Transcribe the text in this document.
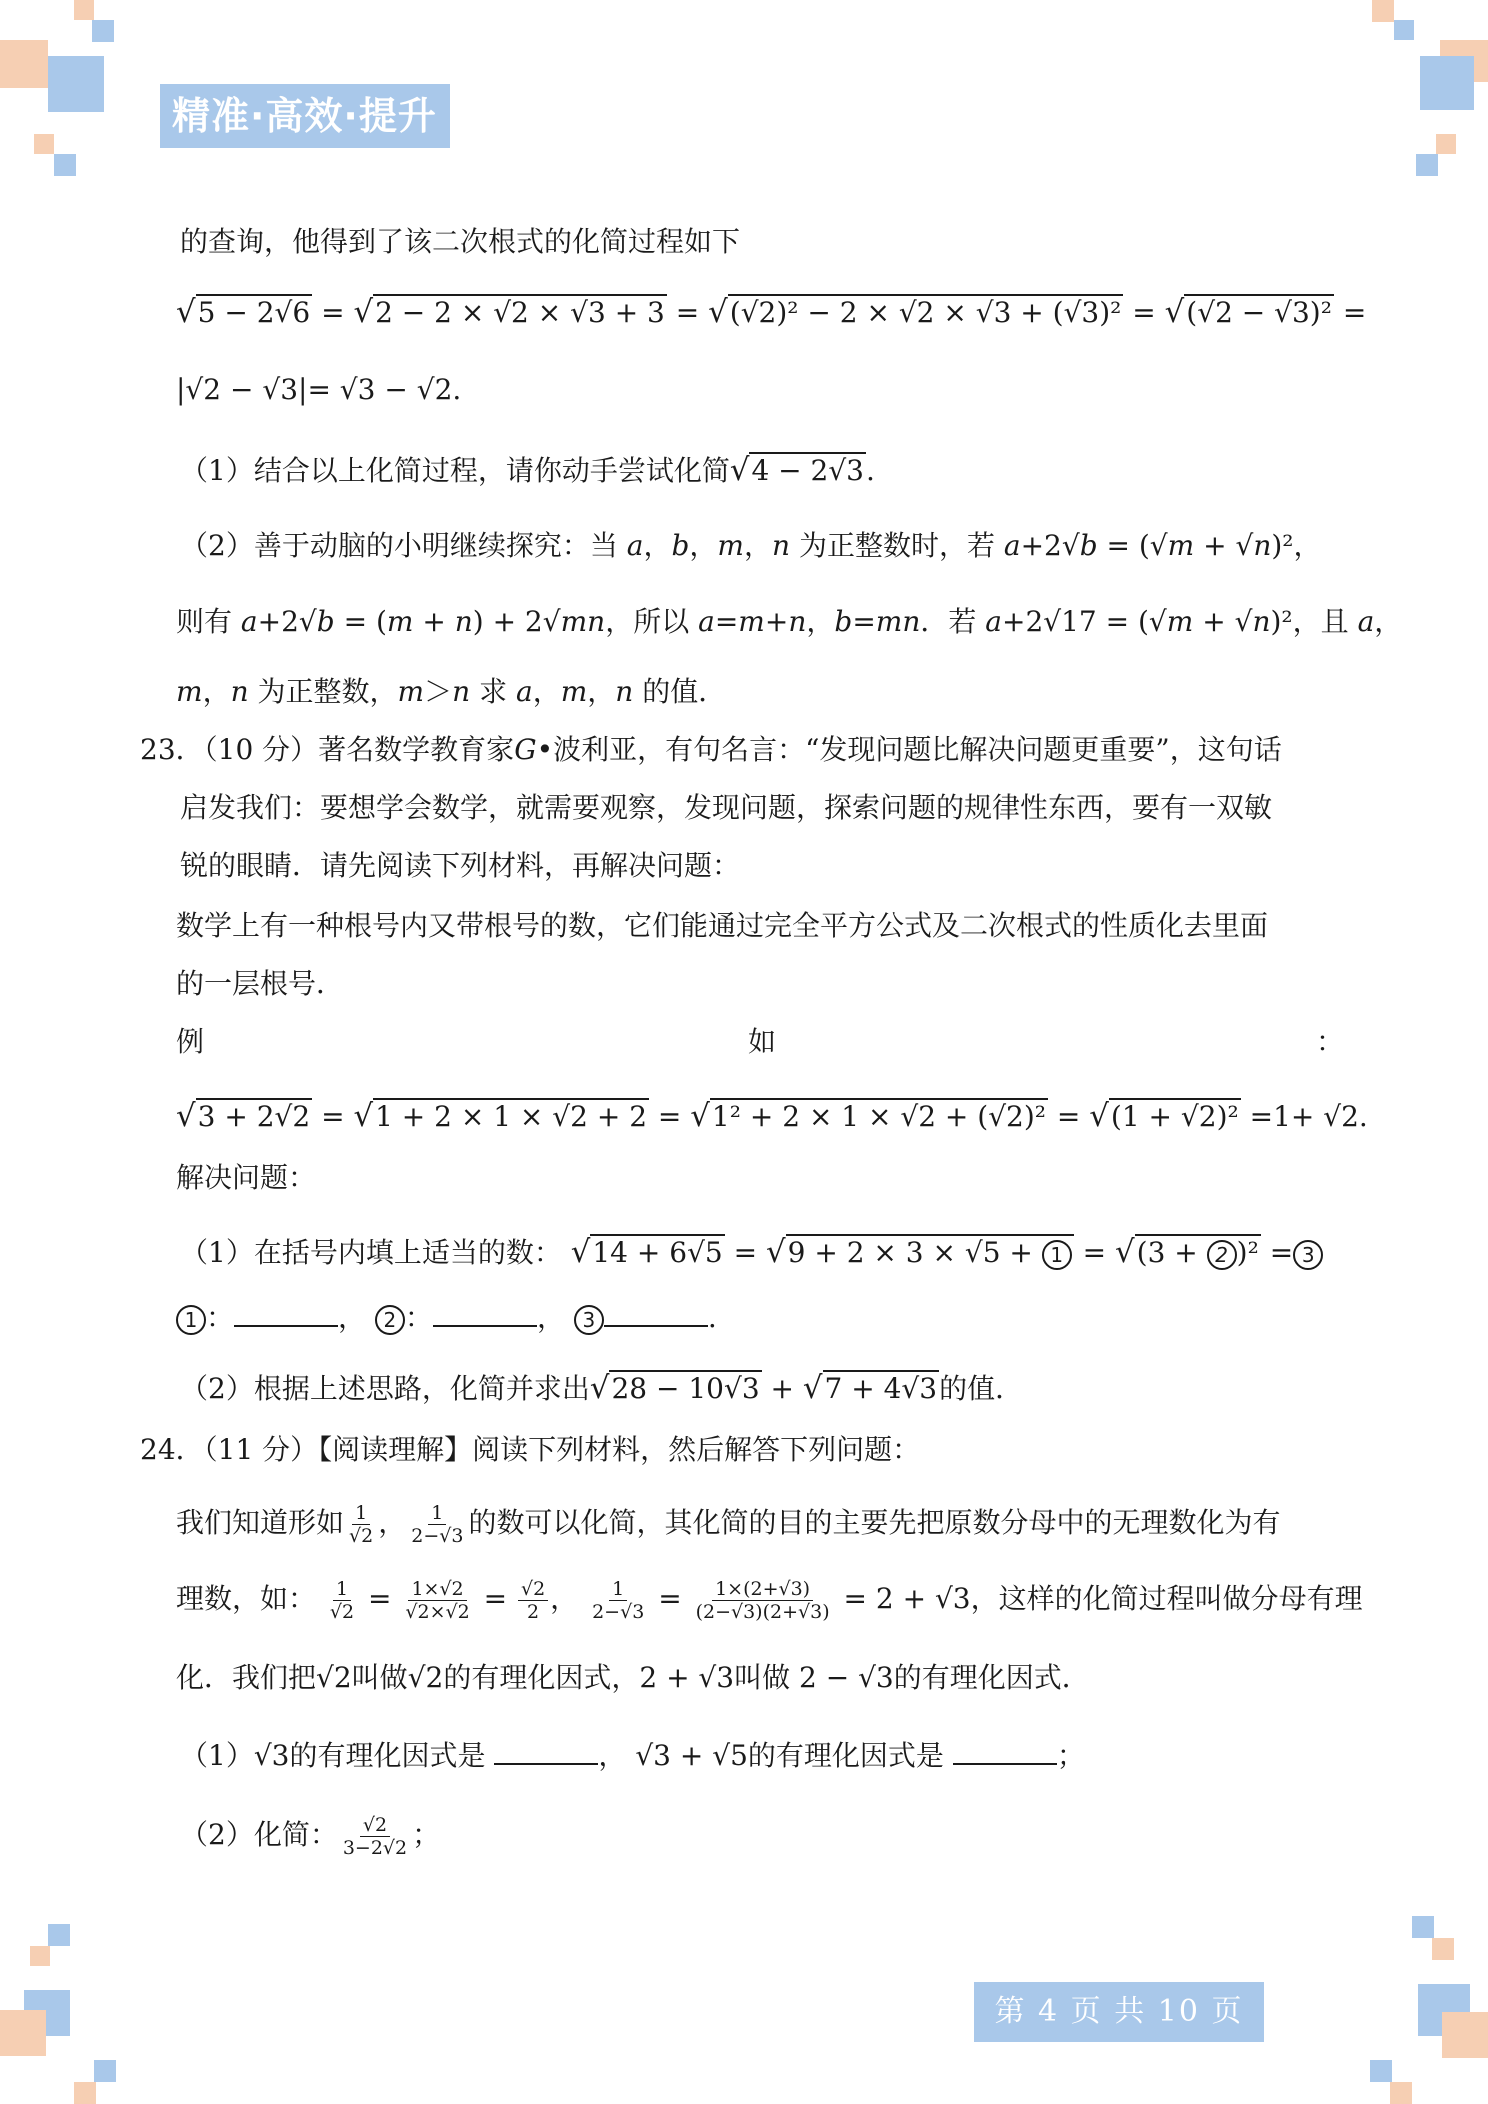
精准·高效·提升
的查询，他得到了该二次根式的化简过程如下
√5 − 2√6 = √2 − 2 × √2 × √3 + 3 = √(√2)² − 2 × √2 × √3 + (√3)² = √(√2 − √3)² =
|√2 − √3|= √3 − √2.
（1）结合以上化简过程，请你动手尝试化简√4 − 2√3.
（2）善于动脑的小明继续探究：当 a，b，m，n 为正整数时，若 a+2√b = (√m + √n)²，
则有 a+2√b = (m + n) + 2√mn，所以 a=m+n，b=mn．若 a+2√17 = (√m + √n)²，且 a，
m，n 为正整数，m＞n 求 a，m，n 的值．
23．（10 分）著名数学教育家G•波利亚，有句名言：“发现问题比解决问题更重要”，这句话
启发我们：要想学会数学，就需要观察，发现问题，探索问题的规律性东西，要有一双敏
锐的眼睛．请先阅读下列材料，再解决问题：
数学上有一种根号内又带根号的数，它们能通过完全平方公式及二次根式的性质化去里面
的一层根号．
例	如	：
√3 + 2√2 = √1 + 2 × 1 × √2 + 2 = √1² + 2 × 1 × √2 + (√2)² = √(1 + √2)² =1+ √2.
解决问题：
（1）在括号内填上适当的数： √14 + 6√5 = √9 + 2 × 3 × √5 + 1 = √(3 + 2 )² = 3
1 ：	， 2 ：	， 3	.
（2）根据上述思路，化简并求出√28 − 10√3 + √7 + 4√3的值．
24．（11 分）【阅读理解】阅读下列材料，然后解答下列问题：
我们知道形如 $\frac{1}{√2}$ ， $\frac{1}{2-√3}$ 的数可以化简，其化简的目的主要先把原数分母中的无理数化为有
理数，如： $\frac{1}{√2} = \frac{1\times√2}{√2\times√2} = \frac{√2}{2}$ ， $\frac{1}{2-√3} = \frac{1\times(2+√3)}{(2-√3)(2+√3)} = 2 + √3$，这样的化简过程叫做分母有理
化．我们把√2叫做√2的有理化因式，2 + √3叫做 2 − √3的有理化因式．
（1）√3的有理化因式是	， √3 + √5的有理化因式是	；
（2）化简： $\frac{√2}{3-2√2}$ ；
第 4 页 共 10 页
